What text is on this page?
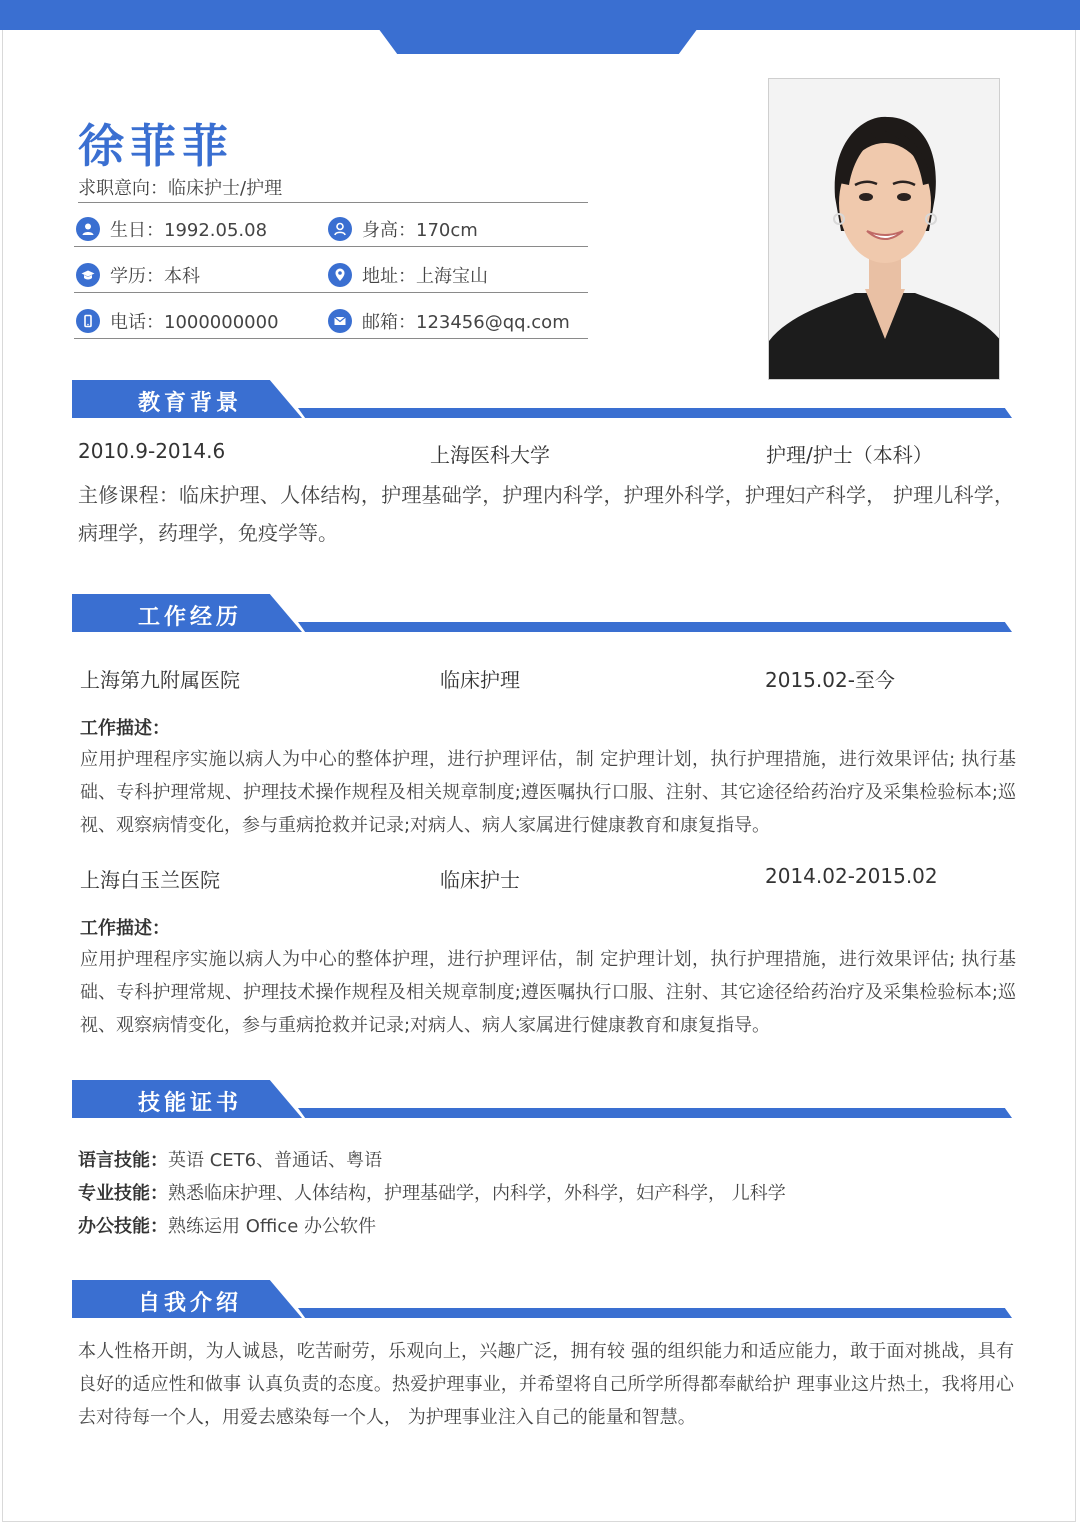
徐菲菲
求职意向：临床护士/护理
生日：1992.05.08	身高：170cm
学历：本科	地址：上海宝山
电话：1000000000	邮箱：123456@qq.com
教育背景
2010.9-2014.6	上海医科大学	护理/护士（本科）
主修课程：临床护理、人体结构，护理基础学，护理内科学，护理外科学，护理妇产科学， 护理儿科学，病理学，药理学，免疫学等。
工作经历
上海第九附属医院	临床护理	2015.02-至今
工作描述：
应用护理程序实施以病人为中心的整体护理，进行护理评估，制 定护理计划，执行护理措施，进行效果评估; 执行基础、专科护理常规、护理技术操作规程及相关规章制度;遵医嘱执行口服、注射、其它途径给药治疗及采集检验标本;巡视、观察病情变化，参与重病抢救并记录;对病人、病人家属进行健康教育和康复指导。
上海白玉兰医院	临床护士	2014.02-2015.02
工作描述：
应用护理程序实施以病人为中心的整体护理，进行护理评估，制 定护理计划，执行护理措施，进行效果评估; 执行基础、专科护理常规、护理技术操作规程及相关规章制度;遵医嘱执行口服、注射、其它途径给药治疗及采集检验标本;巡视、观察病情变化，参与重病抢救并记录;对病人、病人家属进行健康教育和康复指导。
技能证书
语言技能：英语 CET6、普通话、粤语
专业技能：熟悉临床护理、人体结构，护理基础学，内科学，外科学，妇产科学， 儿科学
办公技能：熟练运用 Office 办公软件
自我介绍
本人性格开朗，为人诚恳，吃苦耐劳，乐观向上，兴趣广泛，拥有较 强的组织能力和适应能力，敢于面对挑战，具有良好的适应性和做事 认真负责的态度。热爱护理事业，并希望将自己所学所得都奉献给护 理事业这片热土，我将用心去对待每一个人，用爱去感染每一个人， 为护理事业注入自己的能量和智慧。
